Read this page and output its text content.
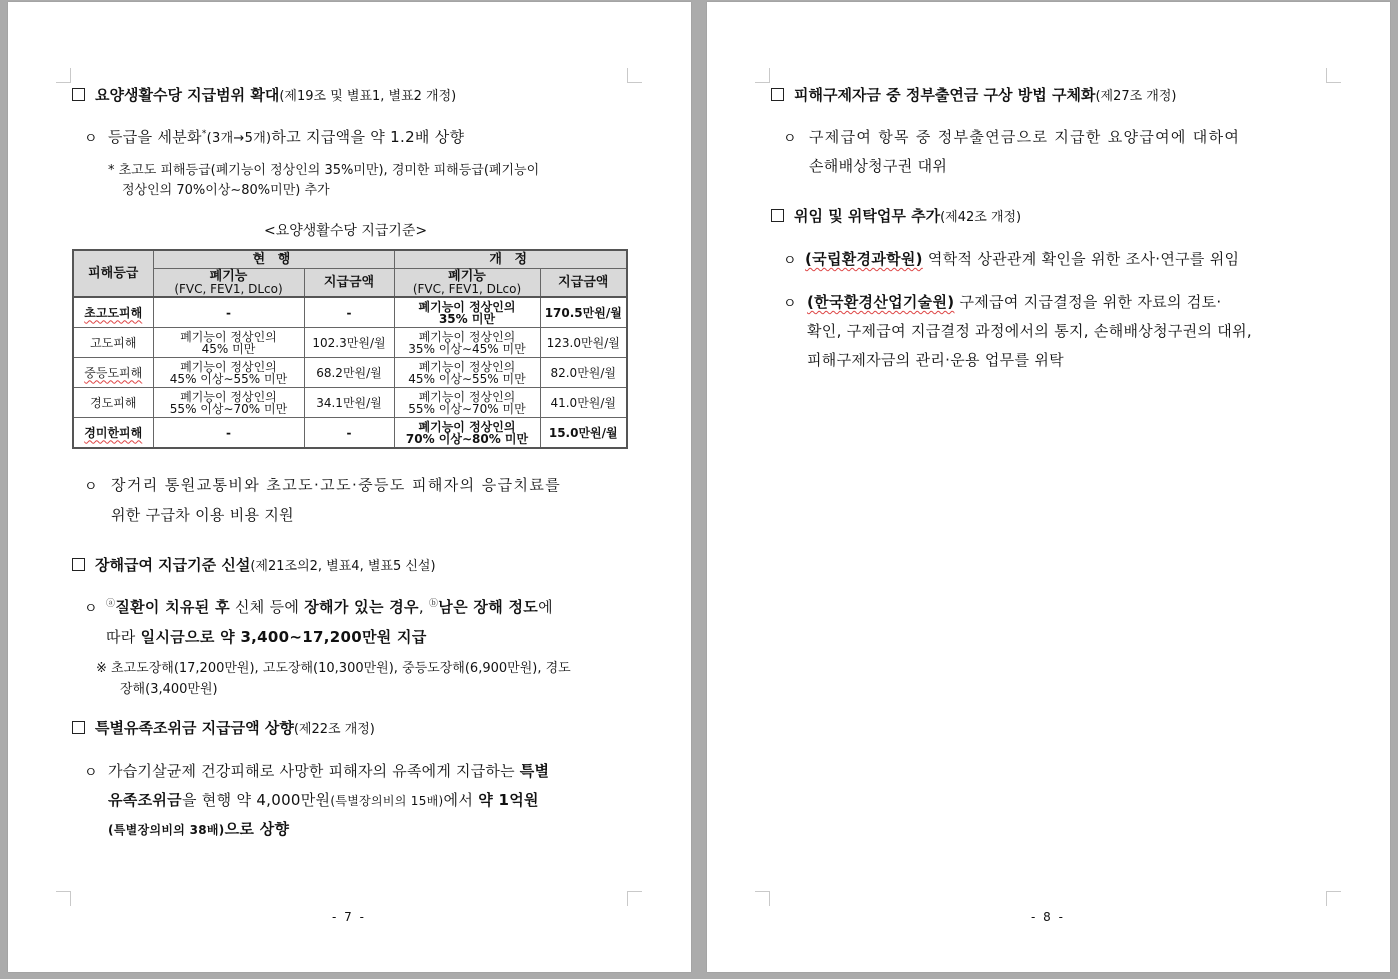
요양생활수당 지급범위 확대(제19조 및 별표1, 별표2 개정)
ㅇ 등급을 세분화*(3개→5개)하고 지급액을 약 1.2배 상향
* 초고도 피해등급(폐기능이 정상인의 35%미만), 경미한 피해등급(폐기능이
정상인의 70%이상∼80%미만) 추가
<요양생활수당 지급기준>
피해등급	현 행		개 정	

	폐기능
(FVC, FEV1, DLco)	지급금액	폐기능
(FVC, FEV1, DLco)	지급금액
초고도피해	-	-	폐기능이 정상인의
35% 미만	170.5만원/월
고도피해	폐기능이 정상인의
45% 미만	102.3만원/월	폐기능이 정상인의
35% 이상∼45% 미만	123.0만원/월
중등도피해	폐기능이 정상인의
45% 이상∼55% 미만	68.2만원/월	폐기능이 정상인의
45% 이상∼55% 미만	82.0만원/월
경도피해	폐기능이 정상인의
55% 이상∼70% 미만	34.1만원/월	폐기능이 정상인의
55% 이상∼70% 미만	41.0만원/월
경미한피해	-	-	폐기능이 정상인의
70% 이상∼80% 미만	15.0만원/월
ㅇ 장거리 통원교통비와 초고도·고도·중등도 피해자의 응급치료를
위한 구급차 이용 비용 지원
장해급여 지급기준 신설(제21조의2, 별표4, 별표5 신설)
ㅇ ⓐ질환이 치유된 후 신체 등에 장해가 있는 경우, ⓑ남은 장해 정도에
따라 일시금으로 약 3,400∼17,200만원 지급
※ 초고도장해(17,200만원), 고도장해(10,300만원), 중등도장해(6,900만원), 경도
장해(3,400만원)
특별유족조위금 지급금액 상향(제22조 개정)
ㅇ 가습기살균제 건강피해로 사망한 피해자의 유족에게 지급하는 특별
유족조위금을 현행 약 4,000만원(특별장의비의 15배)에서 약 1억원
(특별장의비의 38배)으로 상향
- 7 -
피해구제자금 중 정부출연금 구상 방법 구체화(제27조 개정)
ㅇ 구제급여 항목 중 정부출연금으로 지급한 요양급여에 대하여
손해배상청구권 대위
위임 및 위탁업무 추가(제42조 개정)
ㅇ (국립환경과학원) 역학적 상관관계 확인을 위한 조사·연구를 위임
ㅇ (한국환경산업기술원) 구제급여 지급결정을 위한 자료의 검토·
확인, 구제급여 지급결정 과정에서의 통지, 손해배상청구권의 대위,
피해구제자금의 관리·운용 업무를 위탁
- 8 -
